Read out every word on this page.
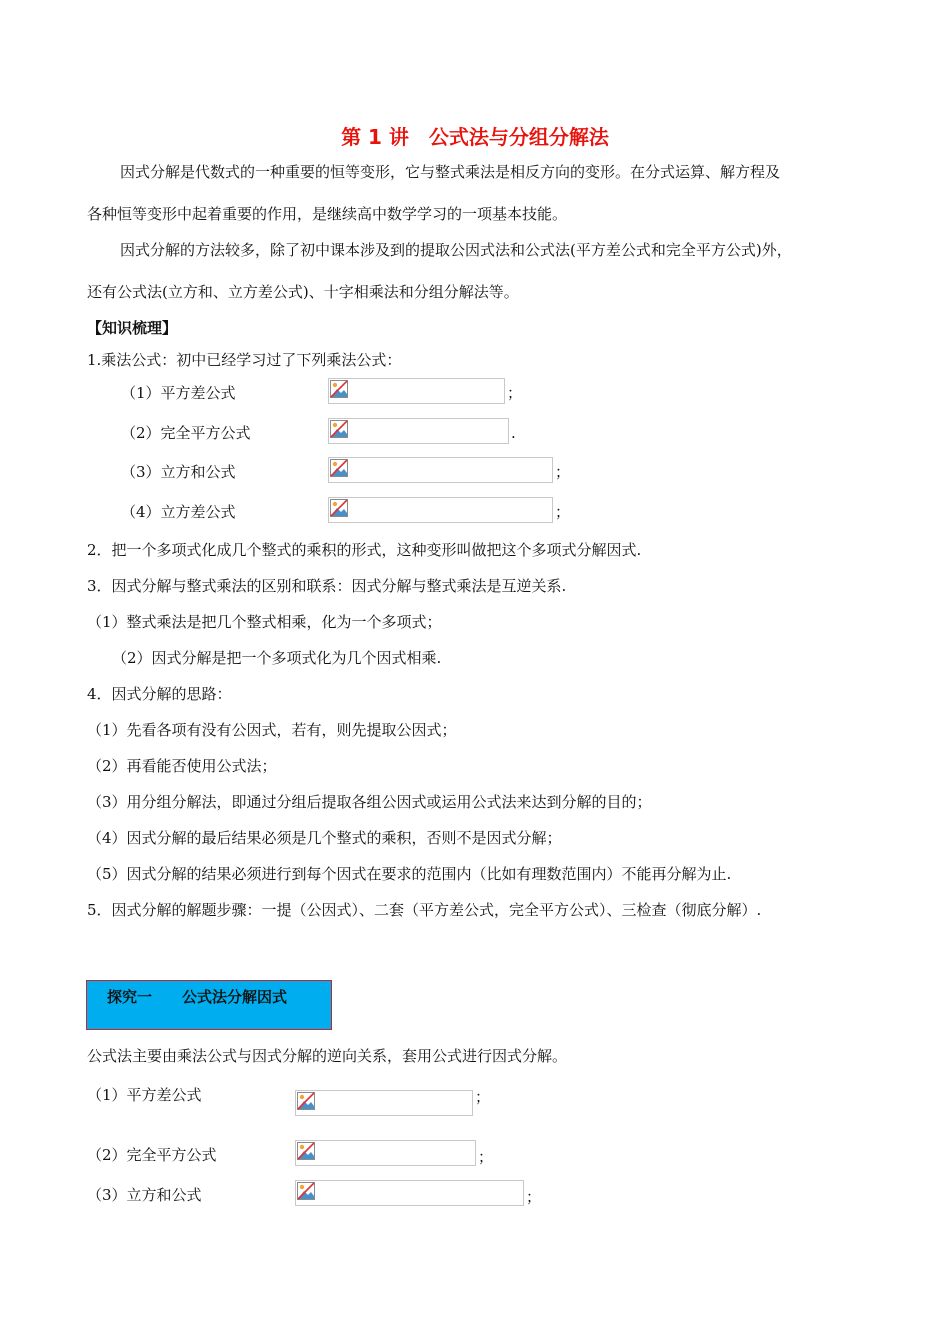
第 1 讲　公式法与分组分解法
因式分解是代数式的一种重要的恒等变形，它与整式乘法是相反方向的变形。在分式运算、解方程及
各种恒等变形中起着重要的作用，是继续高中数学学习的一项基本技能。
因式分解的方法较多，除了初中课本涉及到的提取公因式法和公式法(平方差公式和完全平方公式)外，
还有公式法(立方和、立方差公式)、十字相乘法和分组分解法等。
【知识梳理】
1.乘法公式：初中已经学习过了下列乘法公式：
（1）平方差公式	；
（2）完全平方公式	.
（3）立方和公式	；
（4）立方差公式	；
2．把一个多项式化成几个整式的乘积的形式，这种变形叫做把这个多项式分解因式.
3．因式分解与整式乘法的区别和联系：因式分解与整式乘法是互逆关系.
（1）整式乘法是把几个整式相乘，化为一个多项式；
（2）因式分解是把一个多项式化为几个因式相乘.
4．因式分解的思路：
（1）先看各项有没有公因式，若有，则先提取公因式；
（2）再看能否使用公式法；
（3）用分组分解法，即通过分组后提取各组公因式或运用公式法来达到分解的目的；
（4）因式分解的最后结果必须是几个整式的乘积，否则不是因式分解；
（5）因式分解的结果必须进行到每个因式在要求的范围内（比如有理数范围内）不能再分解为止.
5．因式分解的解题步骤：一提（公因式）、二套（平方差公式，完全平方公式）、三检查（彻底分解）.
探究一　　公式法分解因式
公式法主要由乘法公式与因式分解的逆向关系，套用公式进行因式分解。
（1）平方差公式	；
（2）完全平方公式	；
（3）立方和公式	；
